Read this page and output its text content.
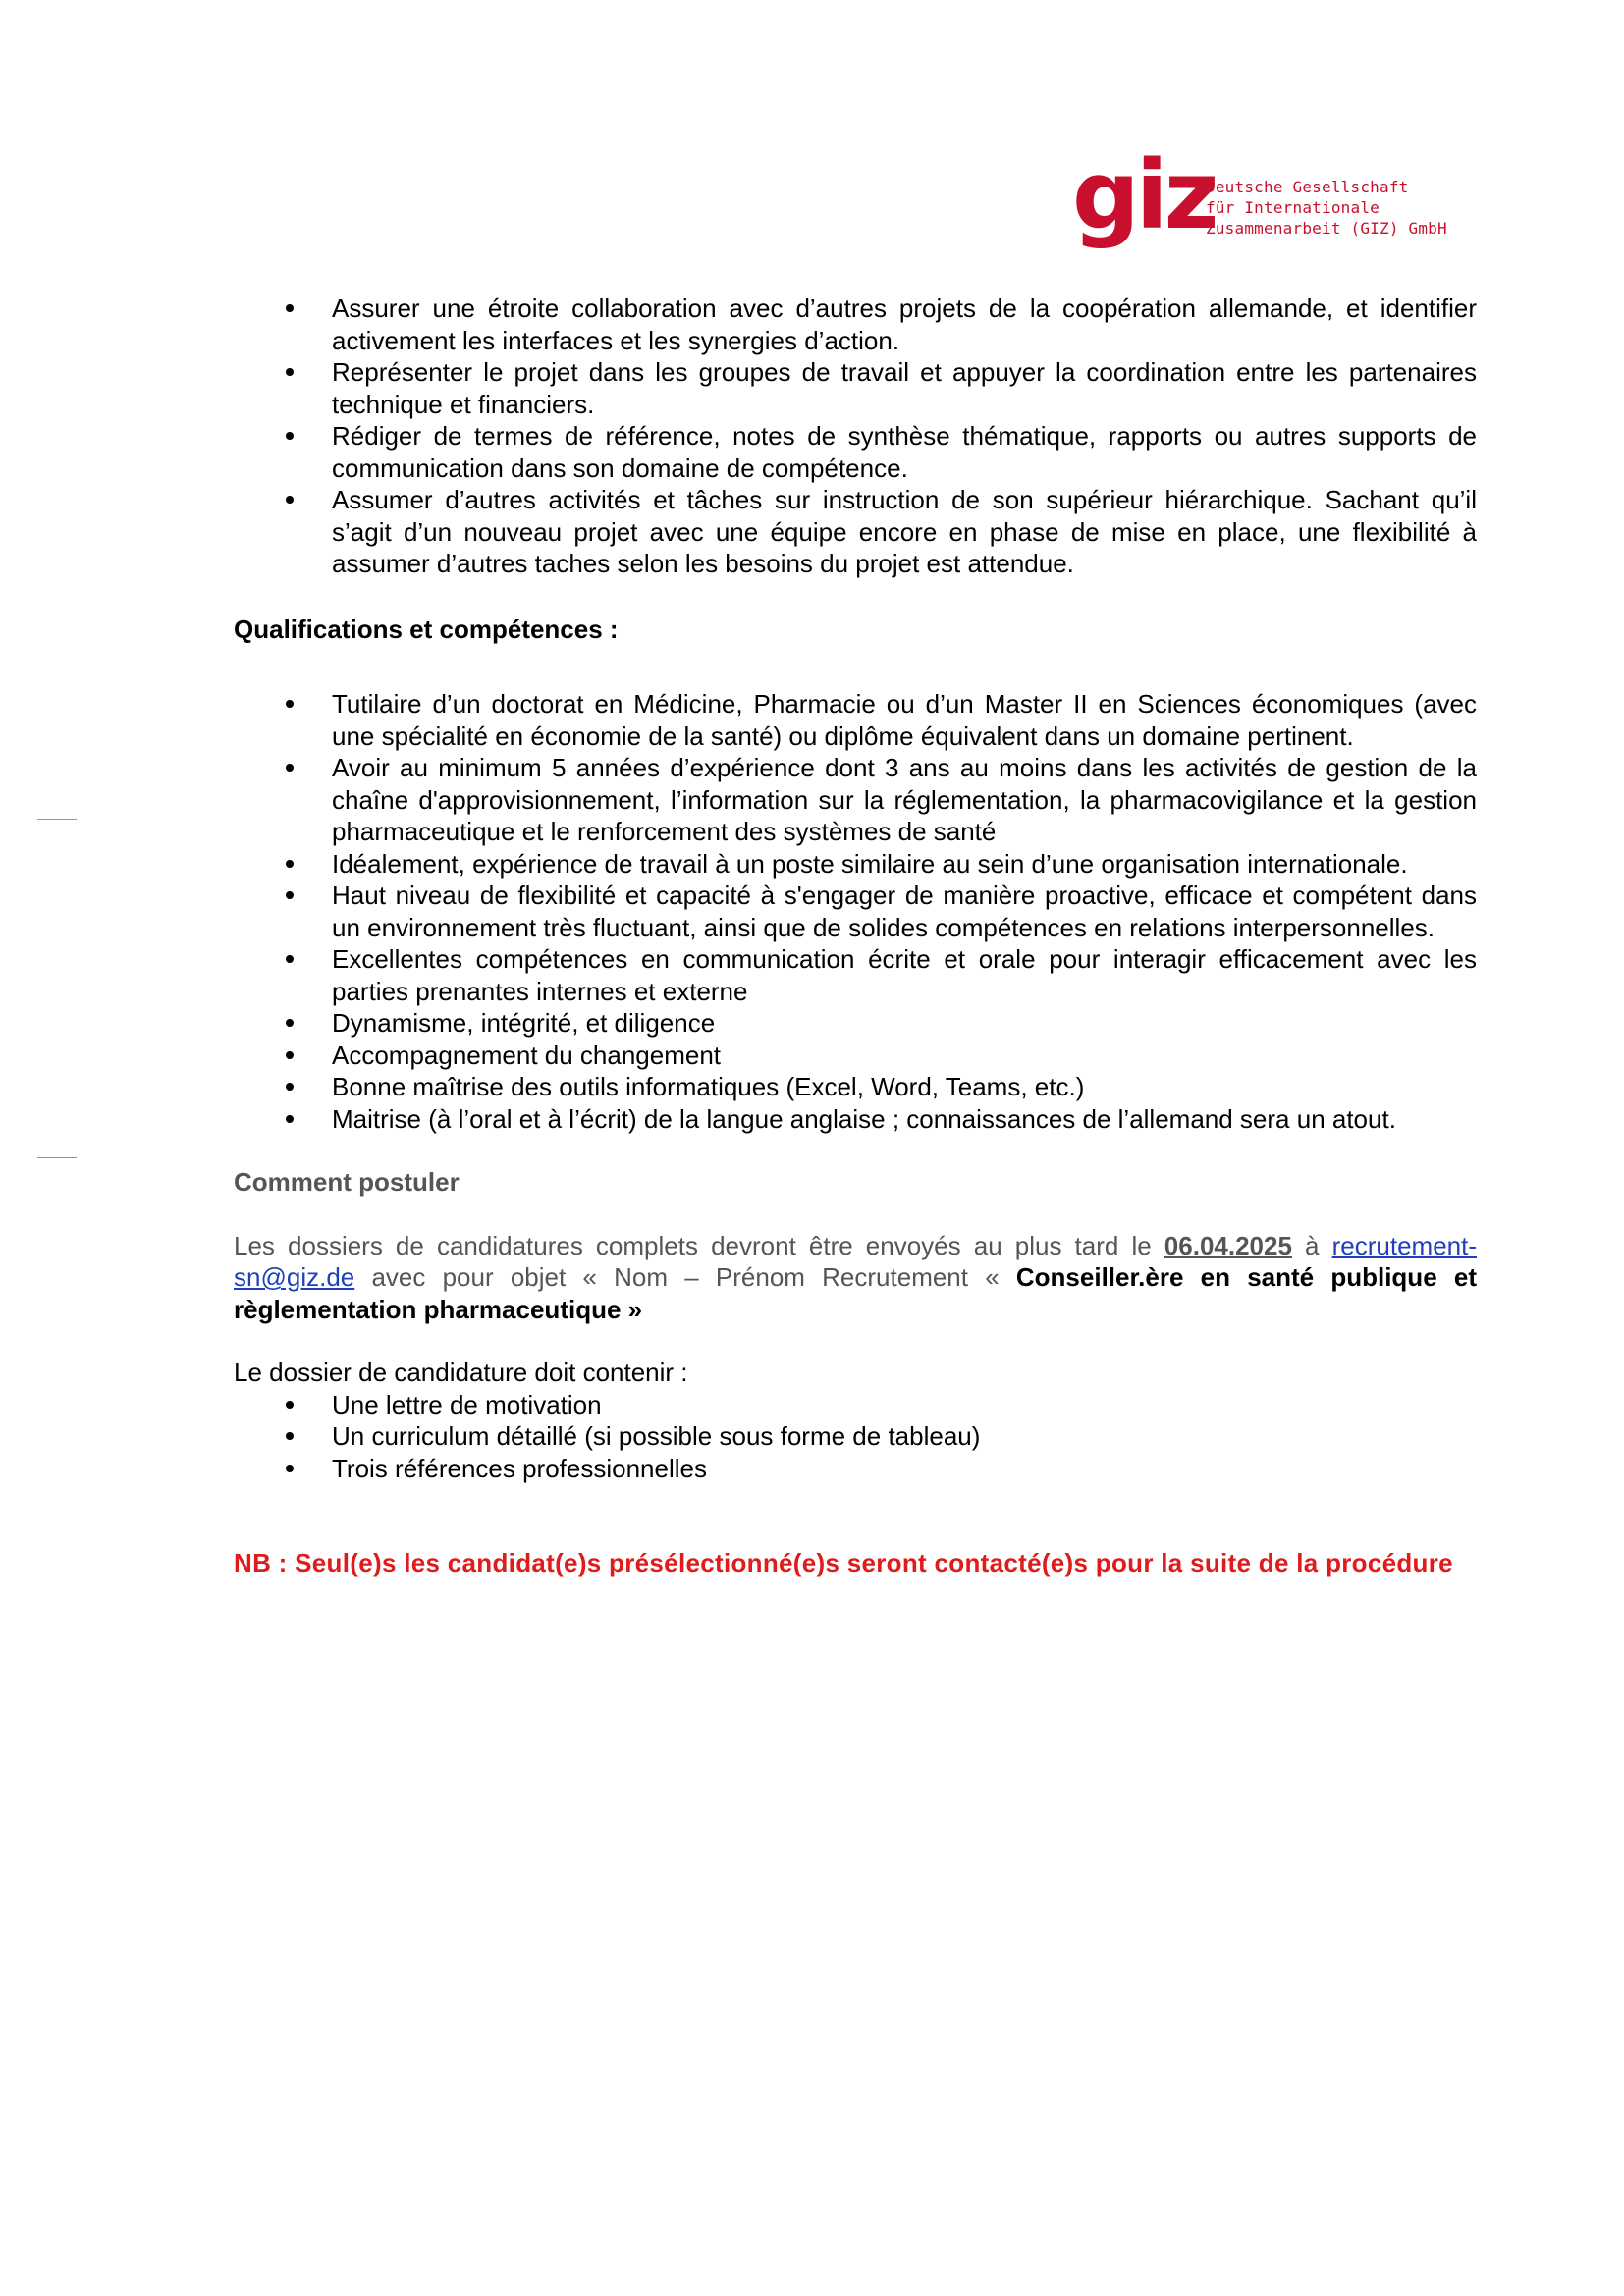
giz
Deutsche Gesellschaft
für Internationale
Zusammenarbeit (GIZ) GmbH
Assurer une étroite collaboration avec d’autres projets de la coopération allemande, et identifier activement les interfaces et les synergies d’action.
Représenter le projet dans les groupes de travail et appuyer la coordination entre les partenaires technique et financiers.
Rédiger de termes de référence, notes de synthèse thématique, rapports ou autres supports de communication dans son domaine de compétence.
Assumer d’autres activités et tâches sur instruction de son supérieur hiérarchique. Sachant qu’il s’agit d’un nouveau projet avec une équipe encore en phase de mise en place, une flexibilité à assumer d’autres taches selon les besoins du projet est attendue.

Qualifications et compétences :

Tutilaire d’un doctorat en Médicine, Pharmacie ou d’un Master II en Sciences économiques (avec une spécialité en économie de la santé) ou diplôme équivalent dans un domaine pertinent.
Avoir au minimum 5 années d’expérience dont 3 ans au moins dans les activités de gestion de la chaîne d'approvisionnement, l’information sur la réglementation, la pharmacovigilance et la gestion pharmaceutique et le renforcement des systèmes de santé
Idéalement, expérience de travail à un poste similaire au sein d’une organisation internationale.
Haut niveau de flexibilité et capacité à s'engager de manière proactive, efficace et compétent dans un environnement très fluctuant, ainsi que de solides compétences en relations interpersonnelles.
Excellentes compétences en communication écrite et orale pour interagir efficacement avec les parties prenantes internes et externe
Dynamisme, intégrité, et diligence
Accompagnement du changement
Bonne maîtrise des outils informatiques (Excel, Word, Teams, etc.)
Maitrise (à l’oral et à l’écrit) de la langue anglaise ; connaissances de l’allemand sera un atout.

Comment postuler

Les dossiers de candidatures complets devront être envoyés au plus tard le 06.04.2025 à recrutement-sn@giz.de avec pour objet « Nom – Prénom Recrutement « Conseiller.ère en santé publique et règlementation pharmaceutique »

Le dossier de candidature doit contenir :

Une lettre de motivation
Un curriculum détaillé (si possible sous forme de tableau)
Trois références professionnelles

NB : Seul(e)s les candidat(e)s présélectionné(e)s seront contacté(e)s pour la suite de la procédure
